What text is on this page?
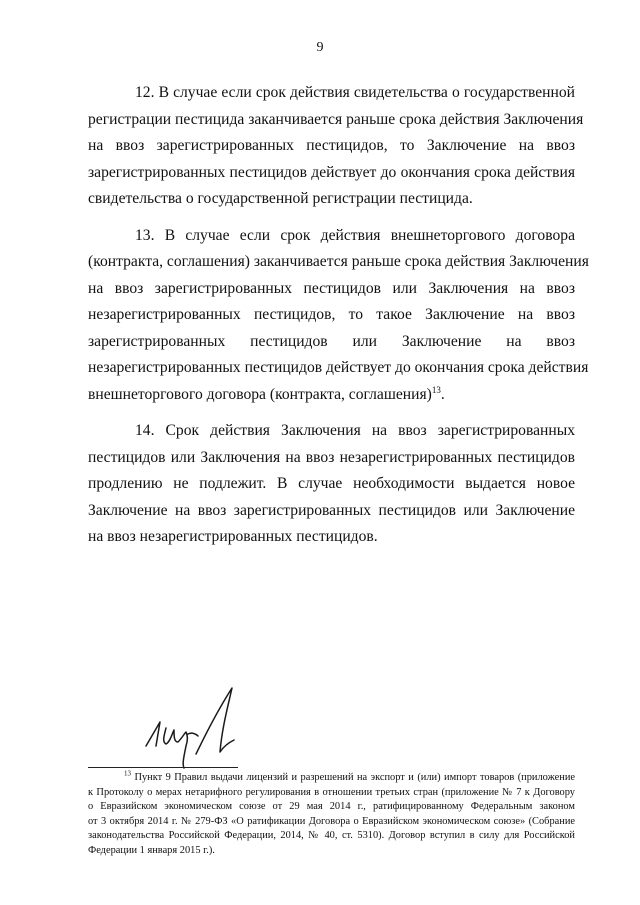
9

12. В случае если срок действия свидетельства о государственной
регистрации пестицида заканчивается раньше срока действия Заключения
на ввоз зарегистрированных пестицидов, то Заключение на ввоз
зарегистрированных пестицидов действует до окончания срока действия
свидетельства о государственной регистрации пестицида.

13. В случае если срок действия внешнеторгового договора
(контракта, соглашения) заканчивается раньше срока действия Заключения
на ввоз зарегистрированных пестицидов или Заключения на ввоз
незарегистрированных пестицидов, то такое Заключение на ввоз
зарегистрированных пестицидов или Заключение на ввоз
незарегистрированных пестицидов действует до окончания срока действия
внешнеторгового договора (контракта, соглашения)$^{13}$.

14. Срок действия Заключения на ввоз зарегистрированных
пестицидов или Заключения на ввоз незарегистрированных пестицидов
продлению не подлежит. В случае необходимости выдается новое
Заключение на ввоз зарегистрированных пестицидов или Заключение
на ввоз незарегистрированных пестицидов.

$^{13}$ Пункт 9 Правил выдачи лицензий и разрешений на экспорт и (или) импорт товаров (приложение
к Протоколу о мерах нетарифного регулирования в отношении третьих стран (приложение № 7 к Договору
о Евразийском экономическом союзе от 29 мая 2014 г., ратифицированному Федеральным законом
от 3 октября 2014 г. № 279-ФЗ «О ратификации Договора о Евразийском экономическом союзе» (Собрание
законодательства Российской Федерации, 2014, № 40, ст. 5310). Договор вступил в силу для Российской
Федерации 1 января 2015 г.).
